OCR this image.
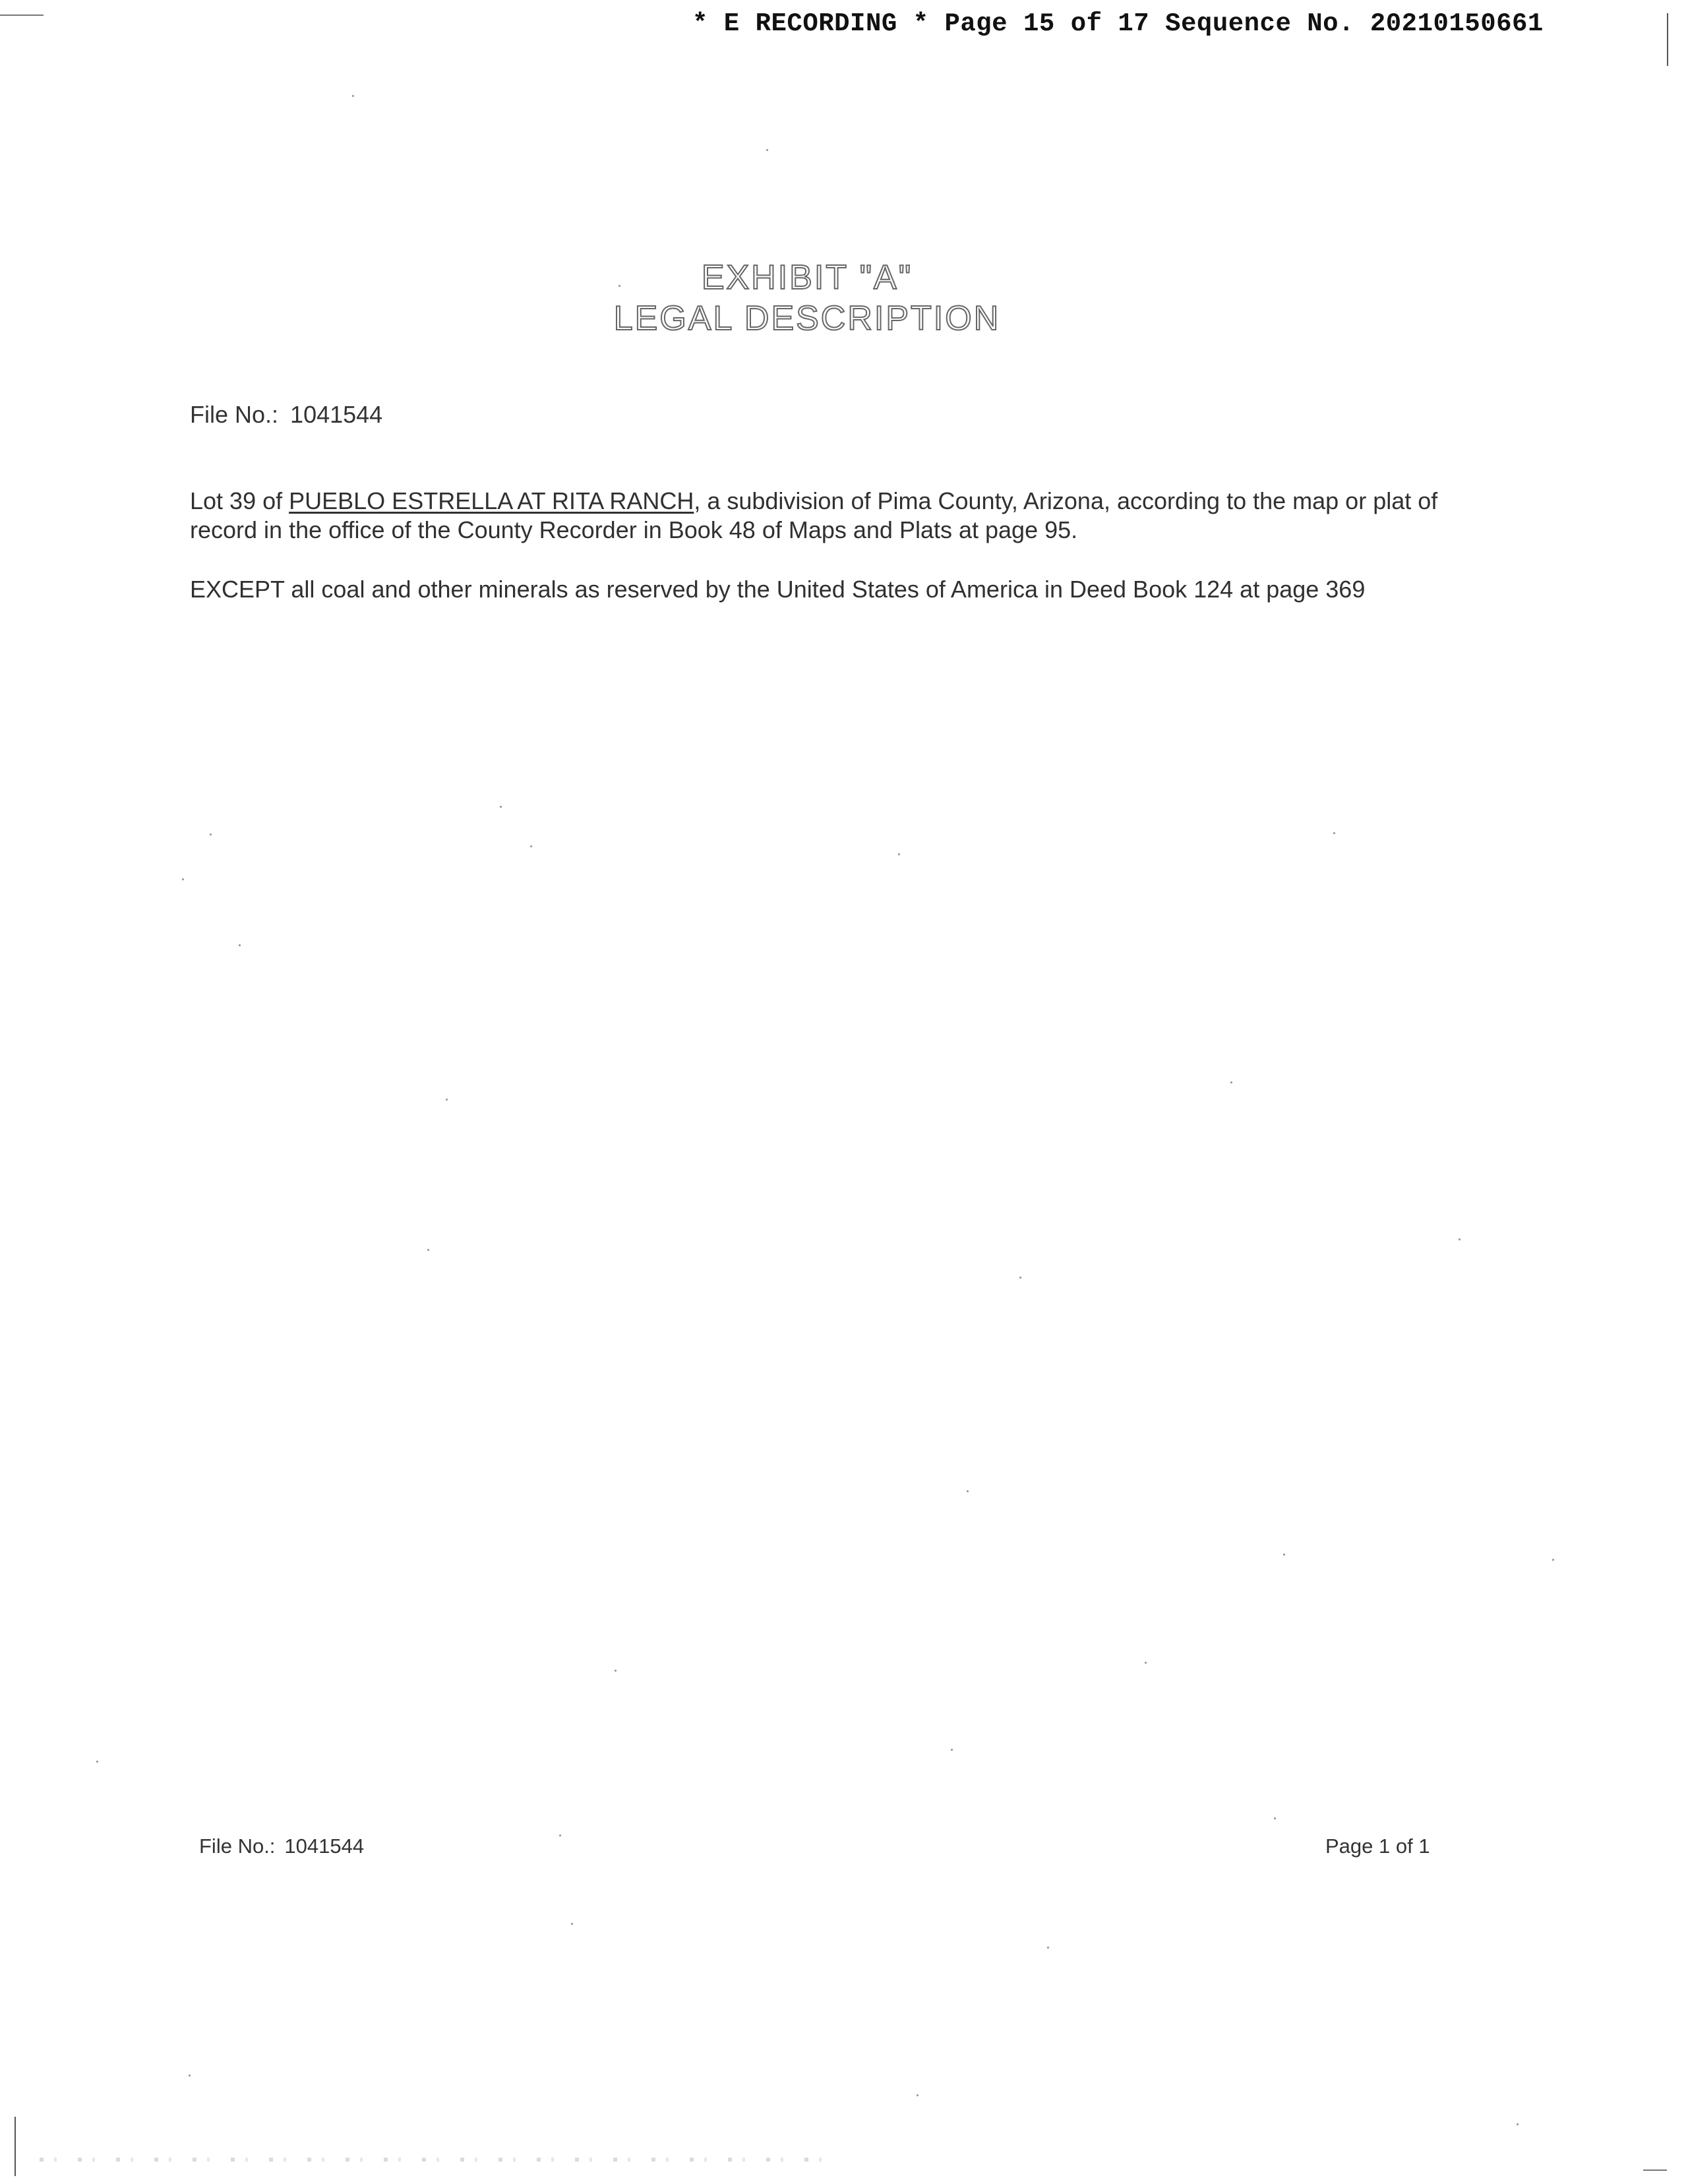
* E RECORDING * Page 15 of 17 Sequence No. 20210150661
EXHIBIT "A"
LEGAL DESCRIPTION
File No.: 1041544
Lot 39 of PUEBLO ESTRELLA AT RITA RANCH, a subdivision of Pima County, Arizona, according to the map or plat of record in the office of the County Recorder in Book 48 of Maps and Plats at page 95.
EXCEPT all coal and other minerals as reserved by the United States of America in Deed Book 124 at page 369
File No.: 1041544	Page 1 of 1
